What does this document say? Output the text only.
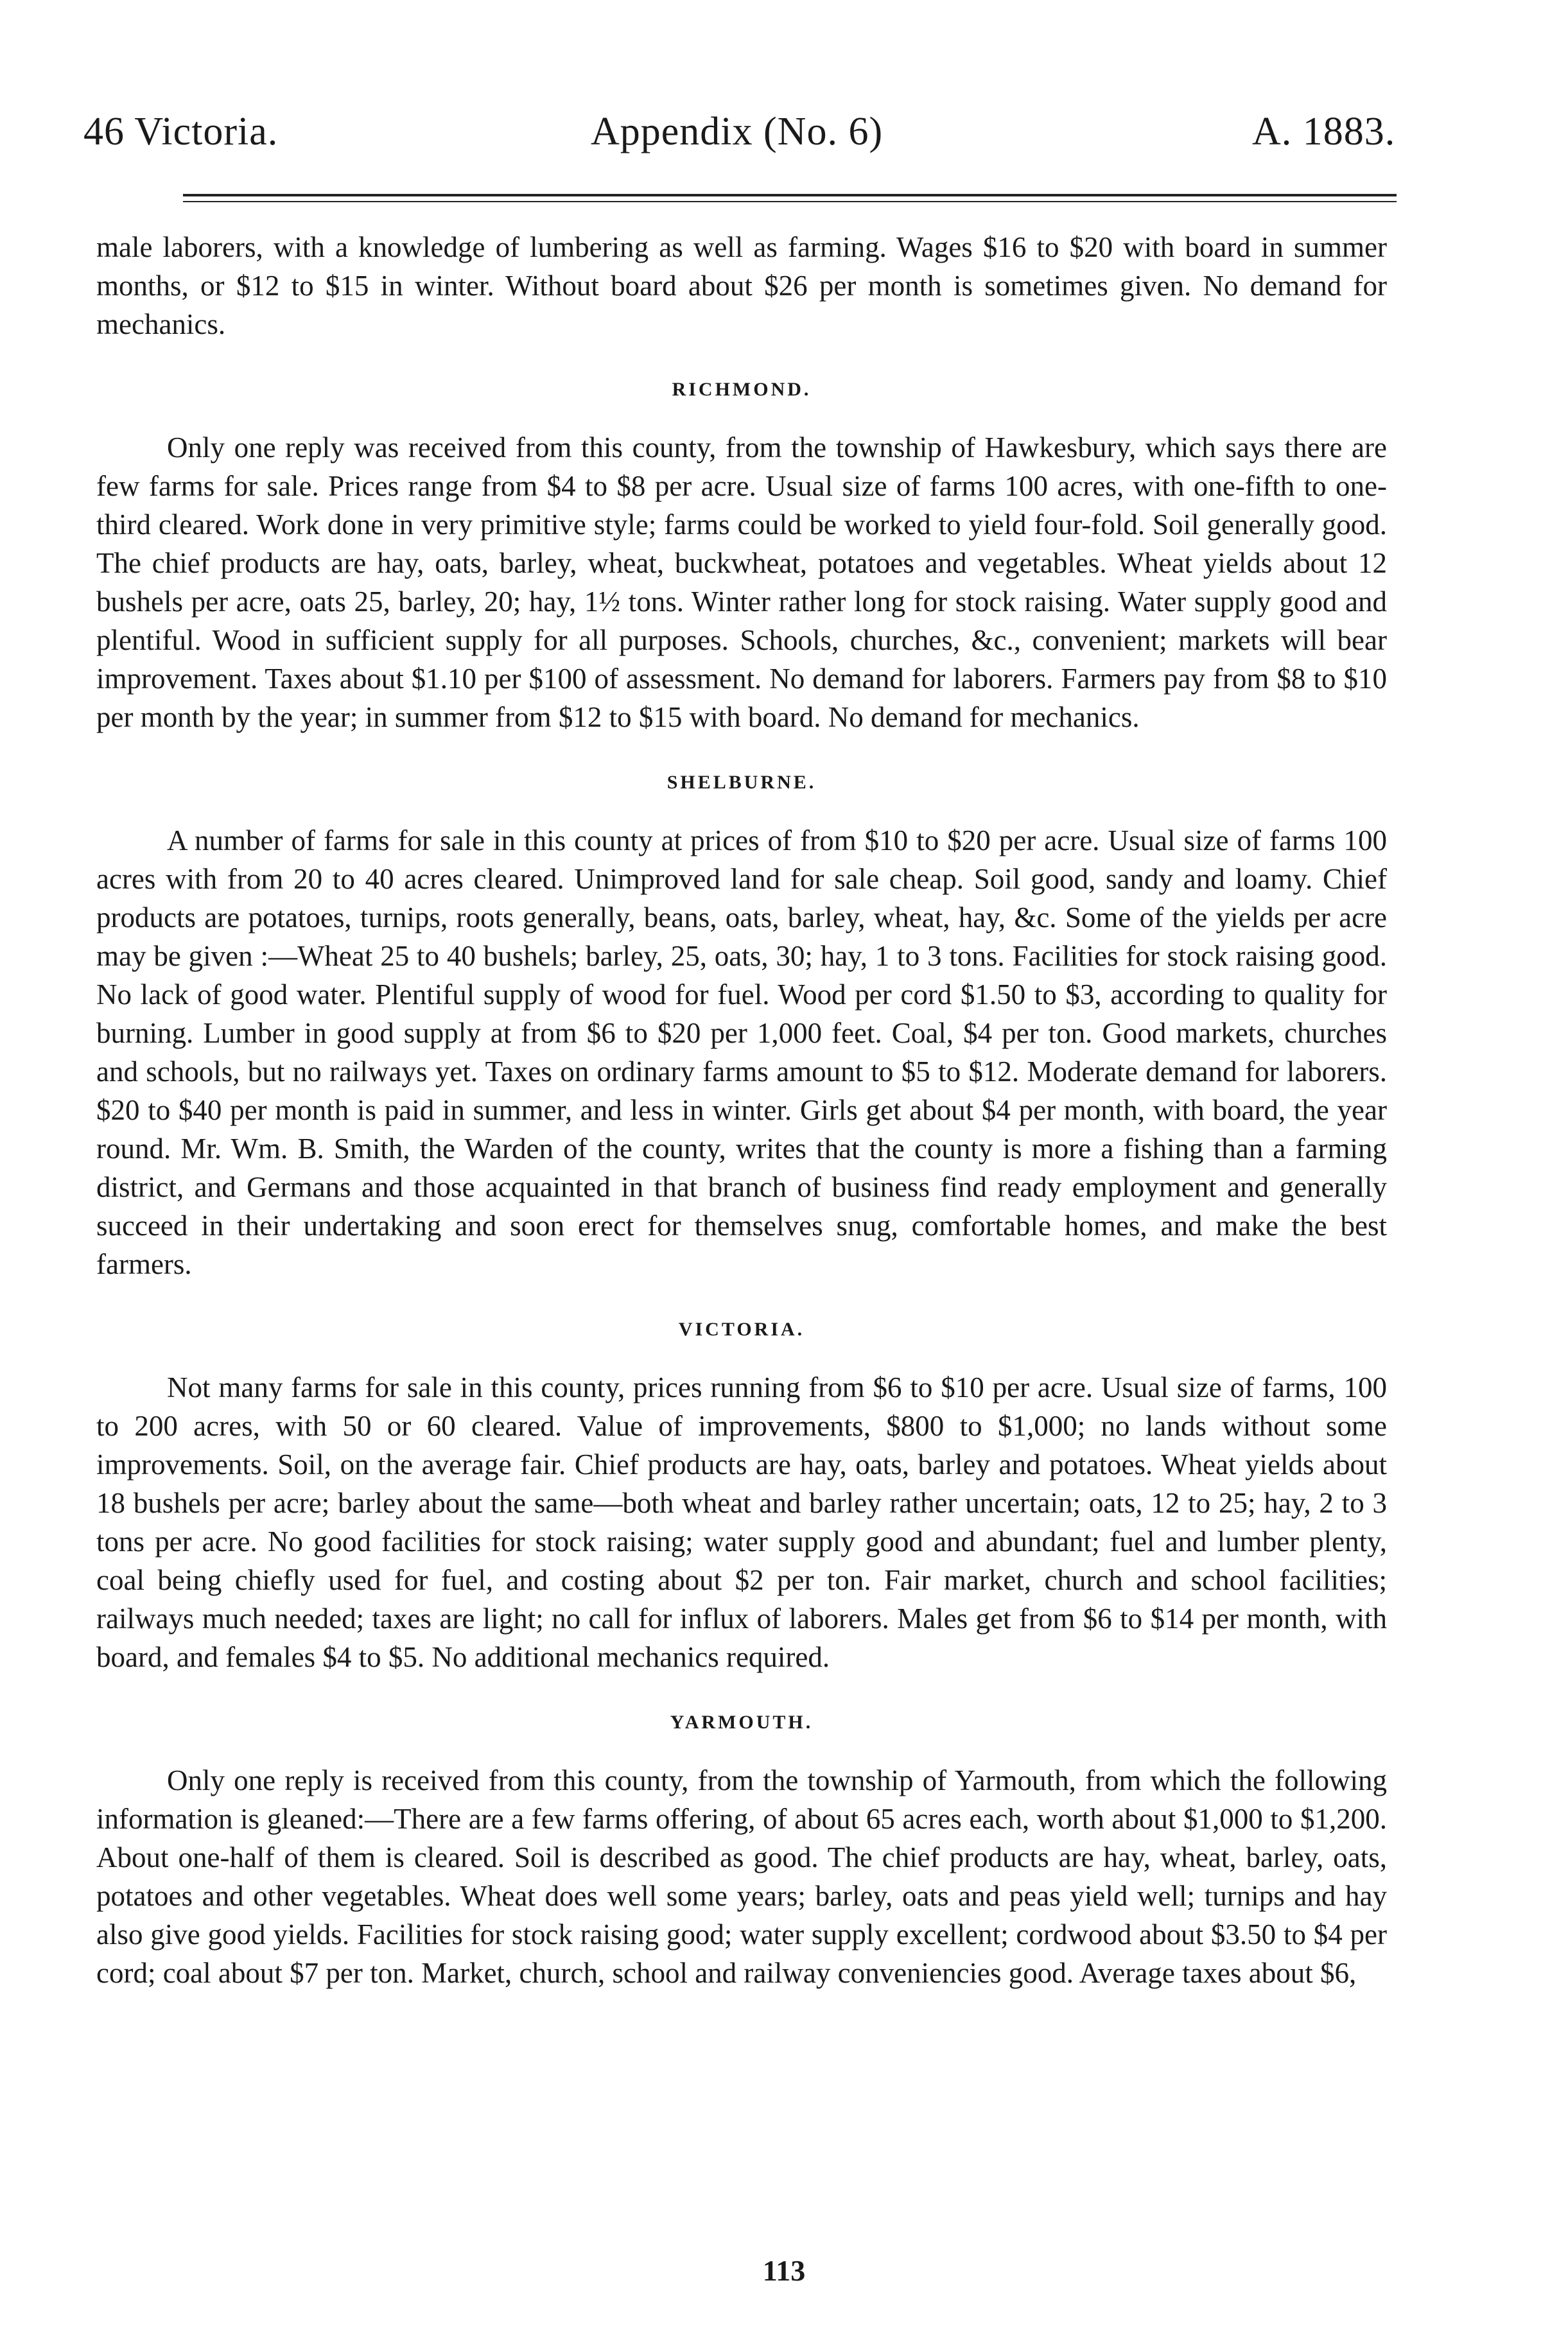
46 Victoria.	Appendix (No. 6)	A. 1883.

male laborers, with a knowledge of lumbering as well as farming. Wages $16 to $20 with board in summer months, or $12 to $15 in winter. Without board about $26 per month is sometimes given. No demand for mechanics.

RICHMOND.

Only one reply was received from this county, from the township of Hawkesbury, which says there are few farms for sale. Prices range from $4 to $8 per acre. Usual size of farms 100 acres, with one-fifth to one-third cleared. Work done in very primitive style; farms could be worked to yield four-fold. Soil generally good. The chief products are hay, oats, barley, wheat, buckwheat, potatoes and vegetables. Wheat yields about 12 bushels per acre, oats 25, barley, 20; hay, 1½ tons. Winter rather long for stock raising. Water supply good and plentiful. Wood in sufficient supply for all purposes. Schools, churches, &c., convenient; markets will bear improvement. Taxes about $1.10 per $100 of assessment. No demand for laborers. Farmers pay from $8 to $10 per month by the year; in summer from $12 to $15 with board. No demand for mechanics.

SHELBURNE.

A number of farms for sale in this county at prices of from $10 to $20 per acre. Usual size of farms 100 acres with from 20 to 40 acres cleared. Unimproved land for sale cheap. Soil good, sandy and loamy. Chief products are potatoes, turnips, roots generally, beans, oats, barley, wheat, hay, &c. Some of the yields per acre may be given :—Wheat 25 to 40 bushels; barley, 25, oats, 30; hay, 1 to 3 tons. Facilities for stock raising good. No lack of good water. Plentiful supply of wood for fuel. Wood per cord $1.50 to $3, according to quality for burning. Lumber in good supply at from $6 to $20 per 1,000 feet. Coal, $4 per ton. Good markets, churches and schools, but no railways yet. Taxes on ordinary farms amount to $5 to $12. Moderate demand for laborers. $20 to $40 per month is paid in summer, and less in winter. Girls get about $4 per month, with board, the year round. Mr. Wm. B. Smith, the Warden of the county, writes that the county is more a fishing than a farming district, and Germans and those acquainted in that branch of business find ready employment and generally succeed in their undertaking and soon erect for themselves snug, comfortable homes, and make the best farmers.

VICTORIA.

Not many farms for sale in this county, prices running from $6 to $10 per acre. Usual size of farms, 100 to 200 acres, with 50 or 60 cleared. Value of improvements, $800 to $1,000; no lands without some improvements. Soil, on the average fair. Chief products are hay, oats, barley and potatoes. Wheat yields about 18 bushels per acre; barley about the same—both wheat and barley rather uncertain; oats, 12 to 25; hay, 2 to 3 tons per acre. No good facilities for stock raising; water supply good and abundant; fuel and lumber plenty, coal being chiefly used for fuel, and costing about $2 per ton. Fair market, church and school facilities; railways much needed; taxes are light; no call for influx of laborers. Males get from $6 to $14 per month, with board, and females $4 to $5. No additional mechanics required.

YARMOUTH.

Only one reply is received from this county, from the township of Yarmouth, from which the following information is gleaned:—There are a few farms offering, of about 65 acres each, worth about $1,000 to $1,200. About one-half of them is cleared. Soil is described as good. The chief products are hay, wheat, barley, oats, potatoes and other vegetables. Wheat does well some years; barley, oats and peas yield well; turnips and hay also give good yields. Facilities for stock raising good; water supply excellent; cordwood about $3.50 to $4 per cord; coal about $7 per ton. Market, church, school and railway conveniencies good. Average taxes about $6,

113
